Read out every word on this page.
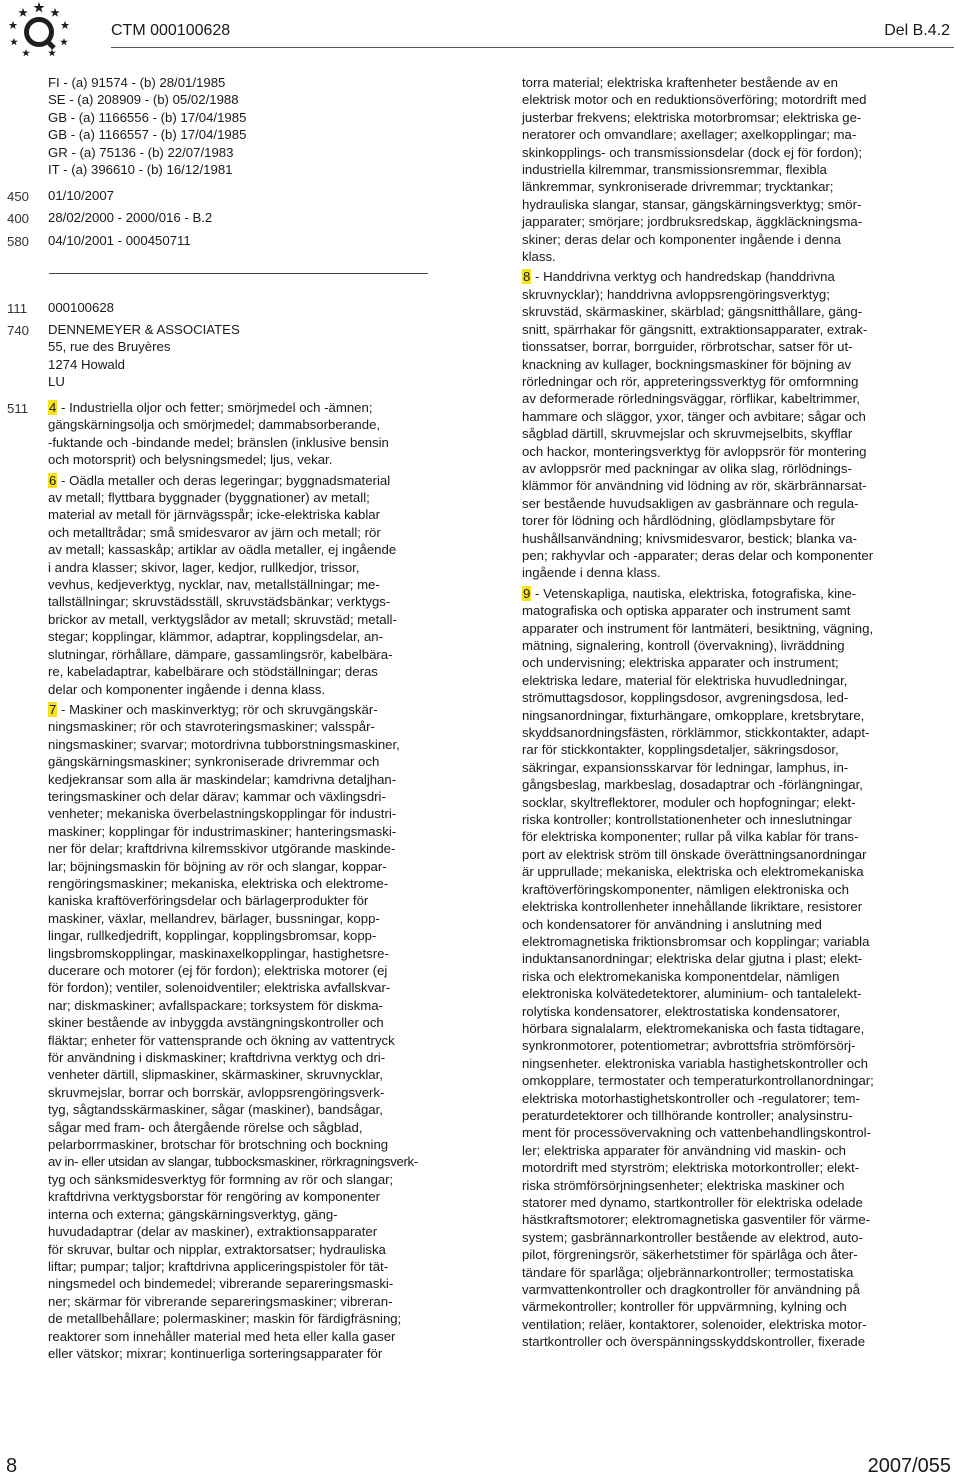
CTM 000100628	Del B.4.2
450
400
580
111
740
511
FI - (a) 91574 - (b) 28/01/1985
SE - (a) 208909 - (b) 05/02/1988
GB - (a) 1166556 - (b) 17/04/1985
GB - (a) 1166557 - (b) 17/04/1985
GR - (a) 75136 - (b) 22/07/1983
IT - (a) 396610 - (b) 16/12/1981
01/10/2007
28/02/2000 - 2000/016 - B.2
04/10/2001 - 000450711
000100628
DENNEMEYER & ASSOCIATES
55, rue des Bruyères
1274 Howald
LU
4 - Industriella oljor och fetter; smörjmedel och -ämnen;
gängskärningsolja och smörjmedel; dammabsorberande,
-fuktande och -bindande medel; bränslen (inklusive bensin
och motorsprit) och belysningsmedel; ljus, vekar.
6 - Oädla metaller och deras legeringar; byggnadsmaterial
av metall; flyttbara byggnader (byggnationer) av metall;
material av metall för järnvägsspår; icke-elektriska kablar
och metalltrådar; små smidesvaror av järn och metall; rör
av metall; kassaskåp; artiklar av oädla metaller, ej ingående
i andra klasser; skivor, lager, kedjor, rullkedjor, trissor,
vevhus, kedjeverktyg, nycklar, nav, metallställningar; me-
tallställningar; skruvstädsställ, skruvstädsbänkar; verktygs-
brickor av metall, verktygslådor av metall; skruvstäd; metall-
stegar; kopplingar, klämmor, adaptrar, kopplingsdelar, an-
slutningar, rörhållare, dämpare, gassamlingsrör, kabelbära-
re, kabeladaptrar, kabelbärare och stödställningar; deras
delar och komponenter ingående i denna klass.
7 - Maskiner och maskinverktyg; rör och skruvgängskär-
ningsmaskiner; rör och stavroteringsmaskiner; valsspår-
ningsmaskiner; svarvar; motordrivna tubborstningsmaskiner,
gängskärningsmaskiner; synkroniserade drivremmar och
kedjekransar som alla är maskindelar; kamdrivna detaljhan-
teringsmaskiner och delar därav; kammar och växlingsdri-
venheter; mekaniska överbelastningskopplingar för industri-
maskiner; kopplingar för industrimaskiner; hanteringsmaski-
ner för delar; kraftdrivna kilremsskivor utgörande maskinde-
lar; böjningsmaskin för böjning av rör och slangar, koppar-
rengöringsmaskiner; mekaniska, elektriska och elektrome-
kaniska kraftöverföringsdelar och bärlagerprodukter för
maskiner, växlar, mellandrev, bärlager, bussningar, kopp-
lingar, rullkedjedrift, kopplingar, kopplingsbromsar, kopp-
lingsbromskopplingar, maskinaxelkopplingar, hastighetsre-
ducerare och motorer (ej för fordon); elektriska motorer (ej
för fordon); ventiler, solenoidventiler; elektriska avfallskvar-
nar; diskmaskiner; avfallspackare; torksystem för diskma-
skiner bestående av inbyggda avstängningskontroller och
fläktar; enheter för vattensprande och ökning av vattentryck
för användning i diskmaskiner; kraftdrivna verktyg och dri-
venheter därtill, slipmaskiner, skärmaskiner, skruvnycklar,
skruvmejslar, borrar och borrskär, avloppsrengöringsverk-
tyg, sågtandsskärmaskiner, sågar (maskiner), bandsågar,
sågar med fram- och återgående rörelse och sågblad,
pelarborrmaskiner, brotschar för brotschning och bockning
av in- eller utsidan av slangar, tubbocksmaskiner, rörkragningsverk-
tyg och sänksmidesverktyg för formning av rör och slangar;
kraftdrivna verktygsborstar för rengöring av komponenter
interna och externa; gängskärningsverktyg, gäng-
huvudadaptrar (delar av maskiner), extraktionsapparater
för skruvar, bultar och nipplar, extraktorsatser; hydrauliska
liftar; pumpar; taljor; kraftdrivna appliceringspistoler för tät-
ningsmedel och bindemedel; vibrerande separeringsmaski-
ner; skärmar för vibrerande separeringsmaskiner; vibreran-
de metallbehållare; polermaskiner; maskin för färdigfräsning;
reaktorer som innehåller material med heta eller kalla gaser
eller vätskor; mixrar; kontinuerliga sorteringsapparater för
torra material; elektriska kraftenheter bestående av en
elektrisk motor och en reduktionsöverföring; motordrift med
justerbar frekvens; elektriska motorbromsar; elektriska ge-
neratorer och omvandlare; axellager; axelkopplingar; ma-
skinkopplings- och transmissionsdelar (dock ej för fordon);
industriella kilremmar, transmissionsremmar, flexibla
länkremmar, synkroniserade drivremmar; trycktankar;
hydrauliska slangar, stansar, gängskärningsverktyg; smör-
japparater; smörjare; jordbruksredskap, äggkläckningsma-
skiner; deras delar och komponenter ingående i denna
klass.
8 - Handdrivna verktyg och handredskap (handdrivna
skruvnycklar); handdrivna avloppsrengöringsverktyg;
skruvstäd, skärmaskiner, skärblad; gängsnitthållare, gäng-
snitt, spärrhakar för gängsnitt, extraktionsapparater, extrak-
tionssatser, borrar, borrguider, rörbrotschar, satser för ut-
knackning av kullager, bockningsmaskiner för böjning av
rörledningar och rör, appreteringssverktyg för omformning
av deformerade rörledningsväggar, rörflikar, kabeltrimmer,
hammare och släggor, yxor, tänger och avbitare; sågar och
sågblad därtill, skruvmejslar och skruvmejselbits, skyfflar
och hackor, monteringsverktyg för avloppsrör för montering
av avloppsrör med packningar av olika slag, rörlödnings-
klämmor för användning vid lödning av rör, skärbrännarsat-
ser bestående huvudsakligen av gasbrännare och regula-
torer för lödning och hårdlödning, glödlampsbytare för
hushållsanvändning; knivsmidesvaror, bestick; blanka va-
pen; rakhyvlar och -apparater; deras delar och komponenter
ingående i denna klass.
9 - Vetenskapliga, nautiska, elektriska, fotografiska, kine-
matografiska och optiska apparater och instrument samt
apparater och instrument för lantmäteri, besiktning, vägning,
mätning, signalering, kontroll (övervakning), livräddning
och undervisning; elektriska apparater och instrument;
elektriska ledare, material för elektriska huvudledningar,
strömuttagsdosor, kopplingsdosor, avgreningsdosa, led-
ningsanordningar, fixturhängare, omkopplare, kretsbrytare,
skyddsanordningsfästen, rörklämmor, stickkontakter, adapt-
rar för stickkontakter, kopplingsdetaljer, säkringsdosor,
säkringar, expansionsskarvar för ledningar, lamphus, in-
gångsbeslag, markbeslag, dosadaptrar och -förlängningar,
socklar, skyltreflektorer, moduler och hopfogningar; elekt-
riska kontroller; kontrollstationenheter och inneslutningar
för elektriska komponenter; rullar på vilka kablar för trans-
port av elektrisk ström till önskade överättningsanordningar
är upprullade; mekaniska, elektriska och elektromekaniska
kraftöverföringskomponenter, nämligen elektroniska och
elektriska kontrollenheter innehållande likriktare, resistorer
och kondensatorer för användning i anslutning med
elektromagnetiska friktionsbromsar och kopplingar; variabla
induktansanordningar; elektriska delar gjutna i plast; elekt-
riska och elektromekaniska komponentdelar, nämligen
elektroniska kolvätedetektorer, aluminium- och tantalelekt-
rolytiska kondensatorer, elektrostatiska kondensatorer,
hörbara signalalarm, elektromekaniska och fasta tidtagare,
synkronmotorer, potentiometrar; avbrottsfria strömförsörj-
ningsenheter. elektroniska variabla hastighetskontroller och
omkopplare, termostater och temperaturkontrollanordningar;
elektriska motorhastighetskontroller och -regulatorer; tem-
peraturdetektorer och tillhörande kontroller; analysinstru-
ment för processövervakning och vattenbehandlingskontrol-
ler; elektriska apparater för användning vid maskin- och
motordrift med styrström; elektriska motorkontroller; elekt-
riska strömförsörjningsenheter; elektriska maskiner och
statorer med dynamo, startkontroller för elektriska odelade
hästkraftsmotorer; elektromagnetiska gasventiler för värme-
system; gasbrännarkontroller bestående av elektrod, auto-
pilot, förgreningsrör, säkerhetstimer för spärlåga och åter-
tändare för sparlåga; oljebrännarkontroller; termostatiska
varmvattenkontroller och dragkontroller för användning på
värmekontroller; kontroller för uppvärmning, kylning och
ventilation; reläer, kontaktorer, solenoider, elektriska motor-
startkontroller och överspänningsskyddskontroller, fixerade
8	2007/055
